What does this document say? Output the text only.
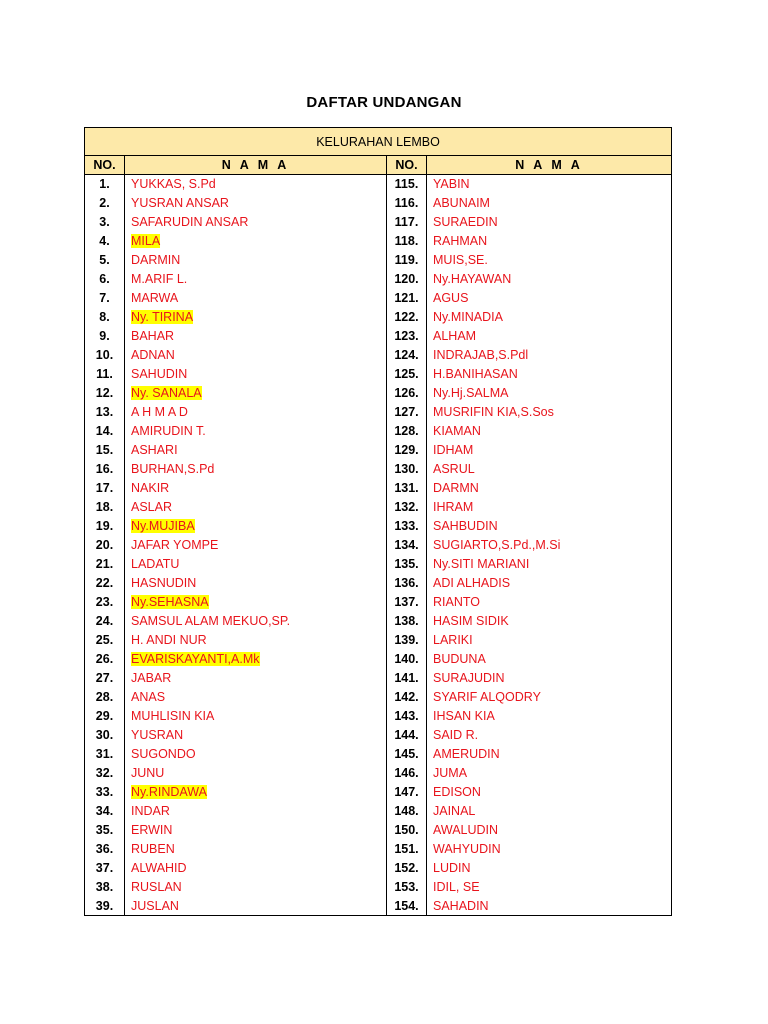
DAFTAR UNDANGAN
KELURAHAN LEMBO			
NO.	N A M A	NO.	N A M A
1.	YUKKAS, S.Pd	115.	YABIN
2.	YUSRAN ANSAR	116.	ABUNAIM
3.	SAFARUDIN ANSAR	117.	SURAEDIN
4.	MILA	118.	RAHMAN
5.	DARMIN	119.	MUIS,SE.
6.	M.ARIF L.	120.	Ny.HAYAWAN
7.	MARWA	121.	AGUS
8.	Ny. TIRINA	122.	Ny.MINADIA
9.	BAHAR	123.	ALHAM
10.	ADNAN	124.	INDRAJAB,S.Pdl
11.	SAHUDIN	125.	H.BANIHASAN
12.	Ny. SANALA	126.	Ny.Hj.SALMA
13.	A H M A D	127.	MUSRIFIN KIA,S.Sos
14.	AMIRUDIN T.	128.	KIAMAN
15.	ASHARI	129.	IDHAM
16.	BURHAN,S.Pd	130.	ASRUL
17.	NAKIR	131.	DARMN
18.	ASLAR	132.	IHRAM
19.	Ny.MUJIBA	133.	SAHBUDIN
20.	JAFAR YOMPE	134.	SUGIARTO,S.Pd.,M.Si
21.	LADATU	135.	Ny.SITI MARIANI
22.	HASNUDIN	136.	ADI ALHADIS
23.	Ny.SEHASNA	137.	RIANTO
24.	SAMSUL ALAM MEKUO,SP.	138.	HASIM SIDIK
25.	H. ANDI NUR	139.	LARIKI
26.	EVARISKAYANTI,A.Mk	140.	BUDUNA
27.	JABAR	141.	SURAJUDIN
28.	ANAS	142.	SYARIF ALQODRY
29.	MUHLISIN KIA	143.	IHSAN KIA
30.	YUSRAN	144.	SAID R.
31.	SUGONDO	145.	AMERUDIN
32.	JUNU	146.	JUMA
33.	Ny.RINDAWA	147.	EDISON
34.	INDAR	148.	JAINAL
35.	ERWIN	150.	AWALUDIN
36.	RUBEN	151.	WAHYUDIN
37.	ALWAHID	152.	LUDIN
38.	RUSLAN	153.	IDIL, SE
39.	JUSLAN	154.	SAHADIN
